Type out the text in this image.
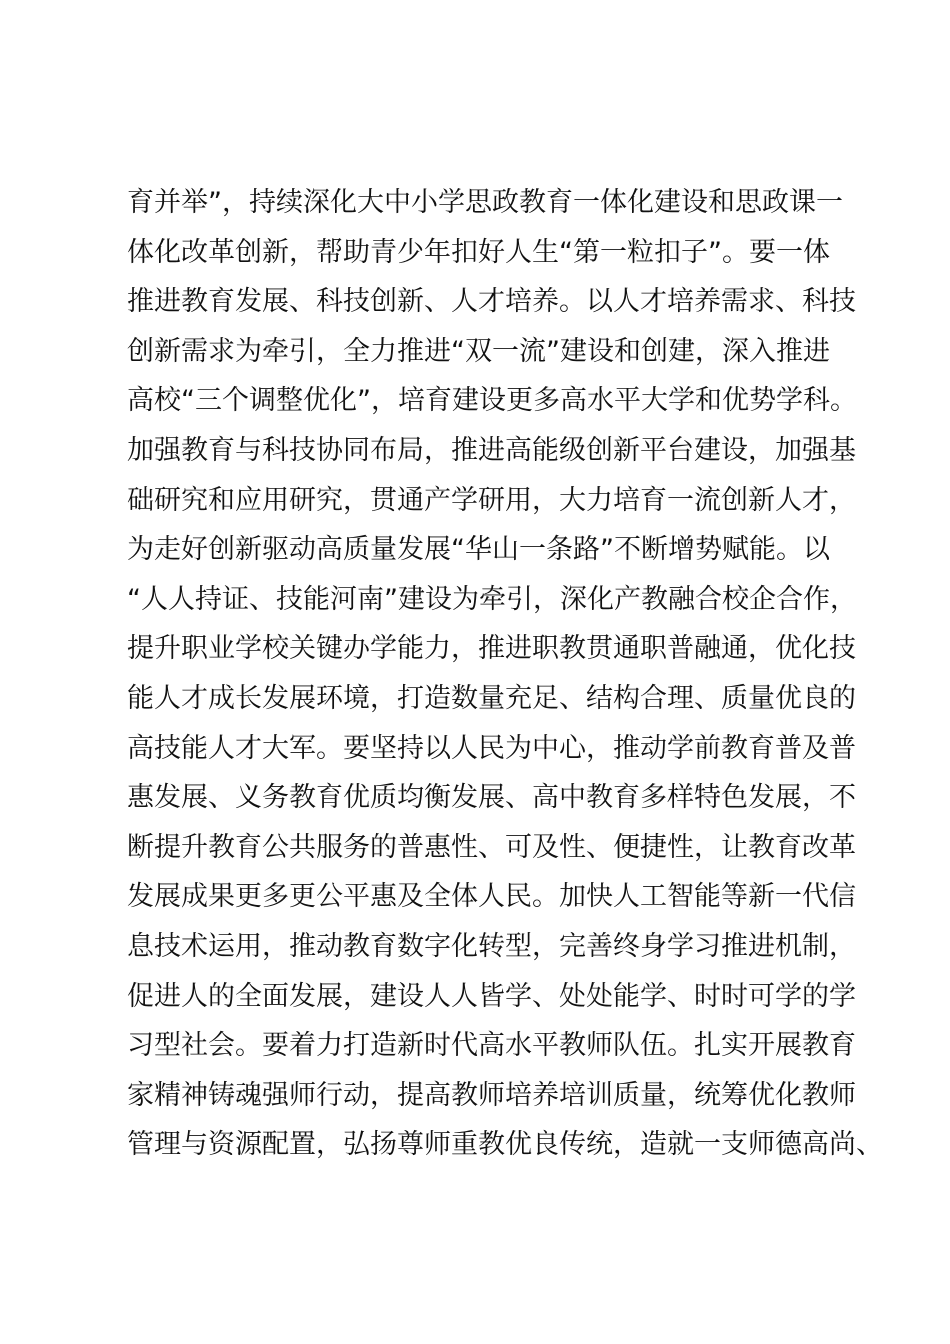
育并举”，持续深化大中小学思政教育一体化建设和思政课一
体化改革创新，帮助青少年扣好人生“第一粒扣子”。要一体
推进教育发展、科技创新、人才培养。以人才培养需求、科技
创新需求为牵引，全力推进“双一流”建设和创建，深入推进
高校“三个调整优化”，培育建设更多高水平大学和优势学科。
加强教育与科技协同布局，推进高能级创新平台建设，加强基
础研究和应用研究，贯通产学研用，大力培育一流创新人才，
为走好创新驱动高质量发展“华山一条路”不断增势赋能。以
“人人持证、技能河南”建设为牵引，深化产教融合校企合作，
提升职业学校关键办学能力，推进职教贯通职普融通，优化技
能人才成长发展环境，打造数量充足、结构合理、质量优良的
高技能人才大军。要坚持以人民为中心，推动学前教育普及普
惠发展、义务教育优质均衡发展、高中教育多样特色发展，不
断提升教育公共服务的普惠性、可及性、便捷性，让教育改革
发展成果更多更公平惠及全体人民。加快人工智能等新一代信
息技术运用，推动教育数字化转型，完善终身学习推进机制，
促进人的全面发展，建设人人皆学、处处能学、时时可学的学
习型社会。要着力打造新时代高水平教师队伍。扎实开展教育
家精神铸魂强师行动，提高教师培养培训质量，统筹优化教师
管理与资源配置，弘扬尊师重教优良传统，造就一支师德高尚、
